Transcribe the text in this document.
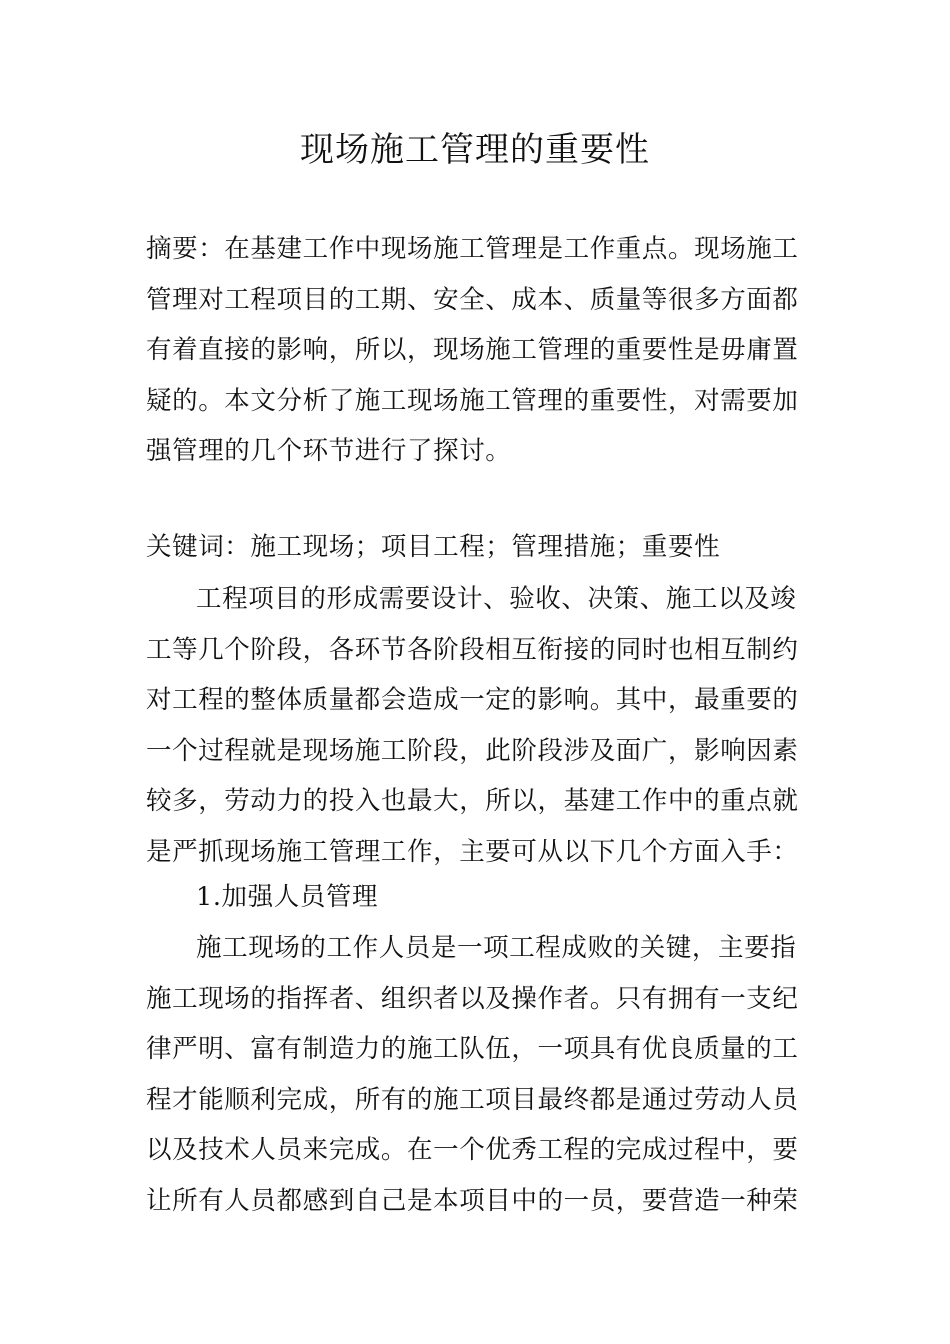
现场施工管理的重要性

摘要：在基建工作中现场施工管理是工作重点。现场施工管理对工程项目的工期、安全、成本、质量等很多方面都有着直接的影响，所以，现场施工管理的重要性是毋庸置疑的。本文分析了施工现场施工管理的重要性，对需要加强管理的几个环节进行了探讨。

关键词：施工现场；项目工程；管理措施；重要性

工程项目的形成需要设计、验收、决策、施工以及竣工等几个阶段，各环节各阶段相互衔接的同时也相互制约对工程的整体质量都会造成一定的影响。其中，最重要的一个过程就是现场施工阶段，此阶段涉及面广，影响因素较多，劳动力的投入也最大，所以，基建工作中的重点就是严抓现场施工管理工作，主要可从以下几个方面入手：

1.加强人员管理

施工现场的工作人员是一项工程成败的关键，主要指施工现场的指挥者、组织者以及操作者。只有拥有一支纪律严明、富有制造力的施工队伍，一项具有优良质量的工程才能顺利完成，所有的施工项目最终都是通过劳动人员以及技术人员来完成。在一个优秀工程的完成过程中，要让所有人员都感到自己是本项目中的一员，要营造一种荣
